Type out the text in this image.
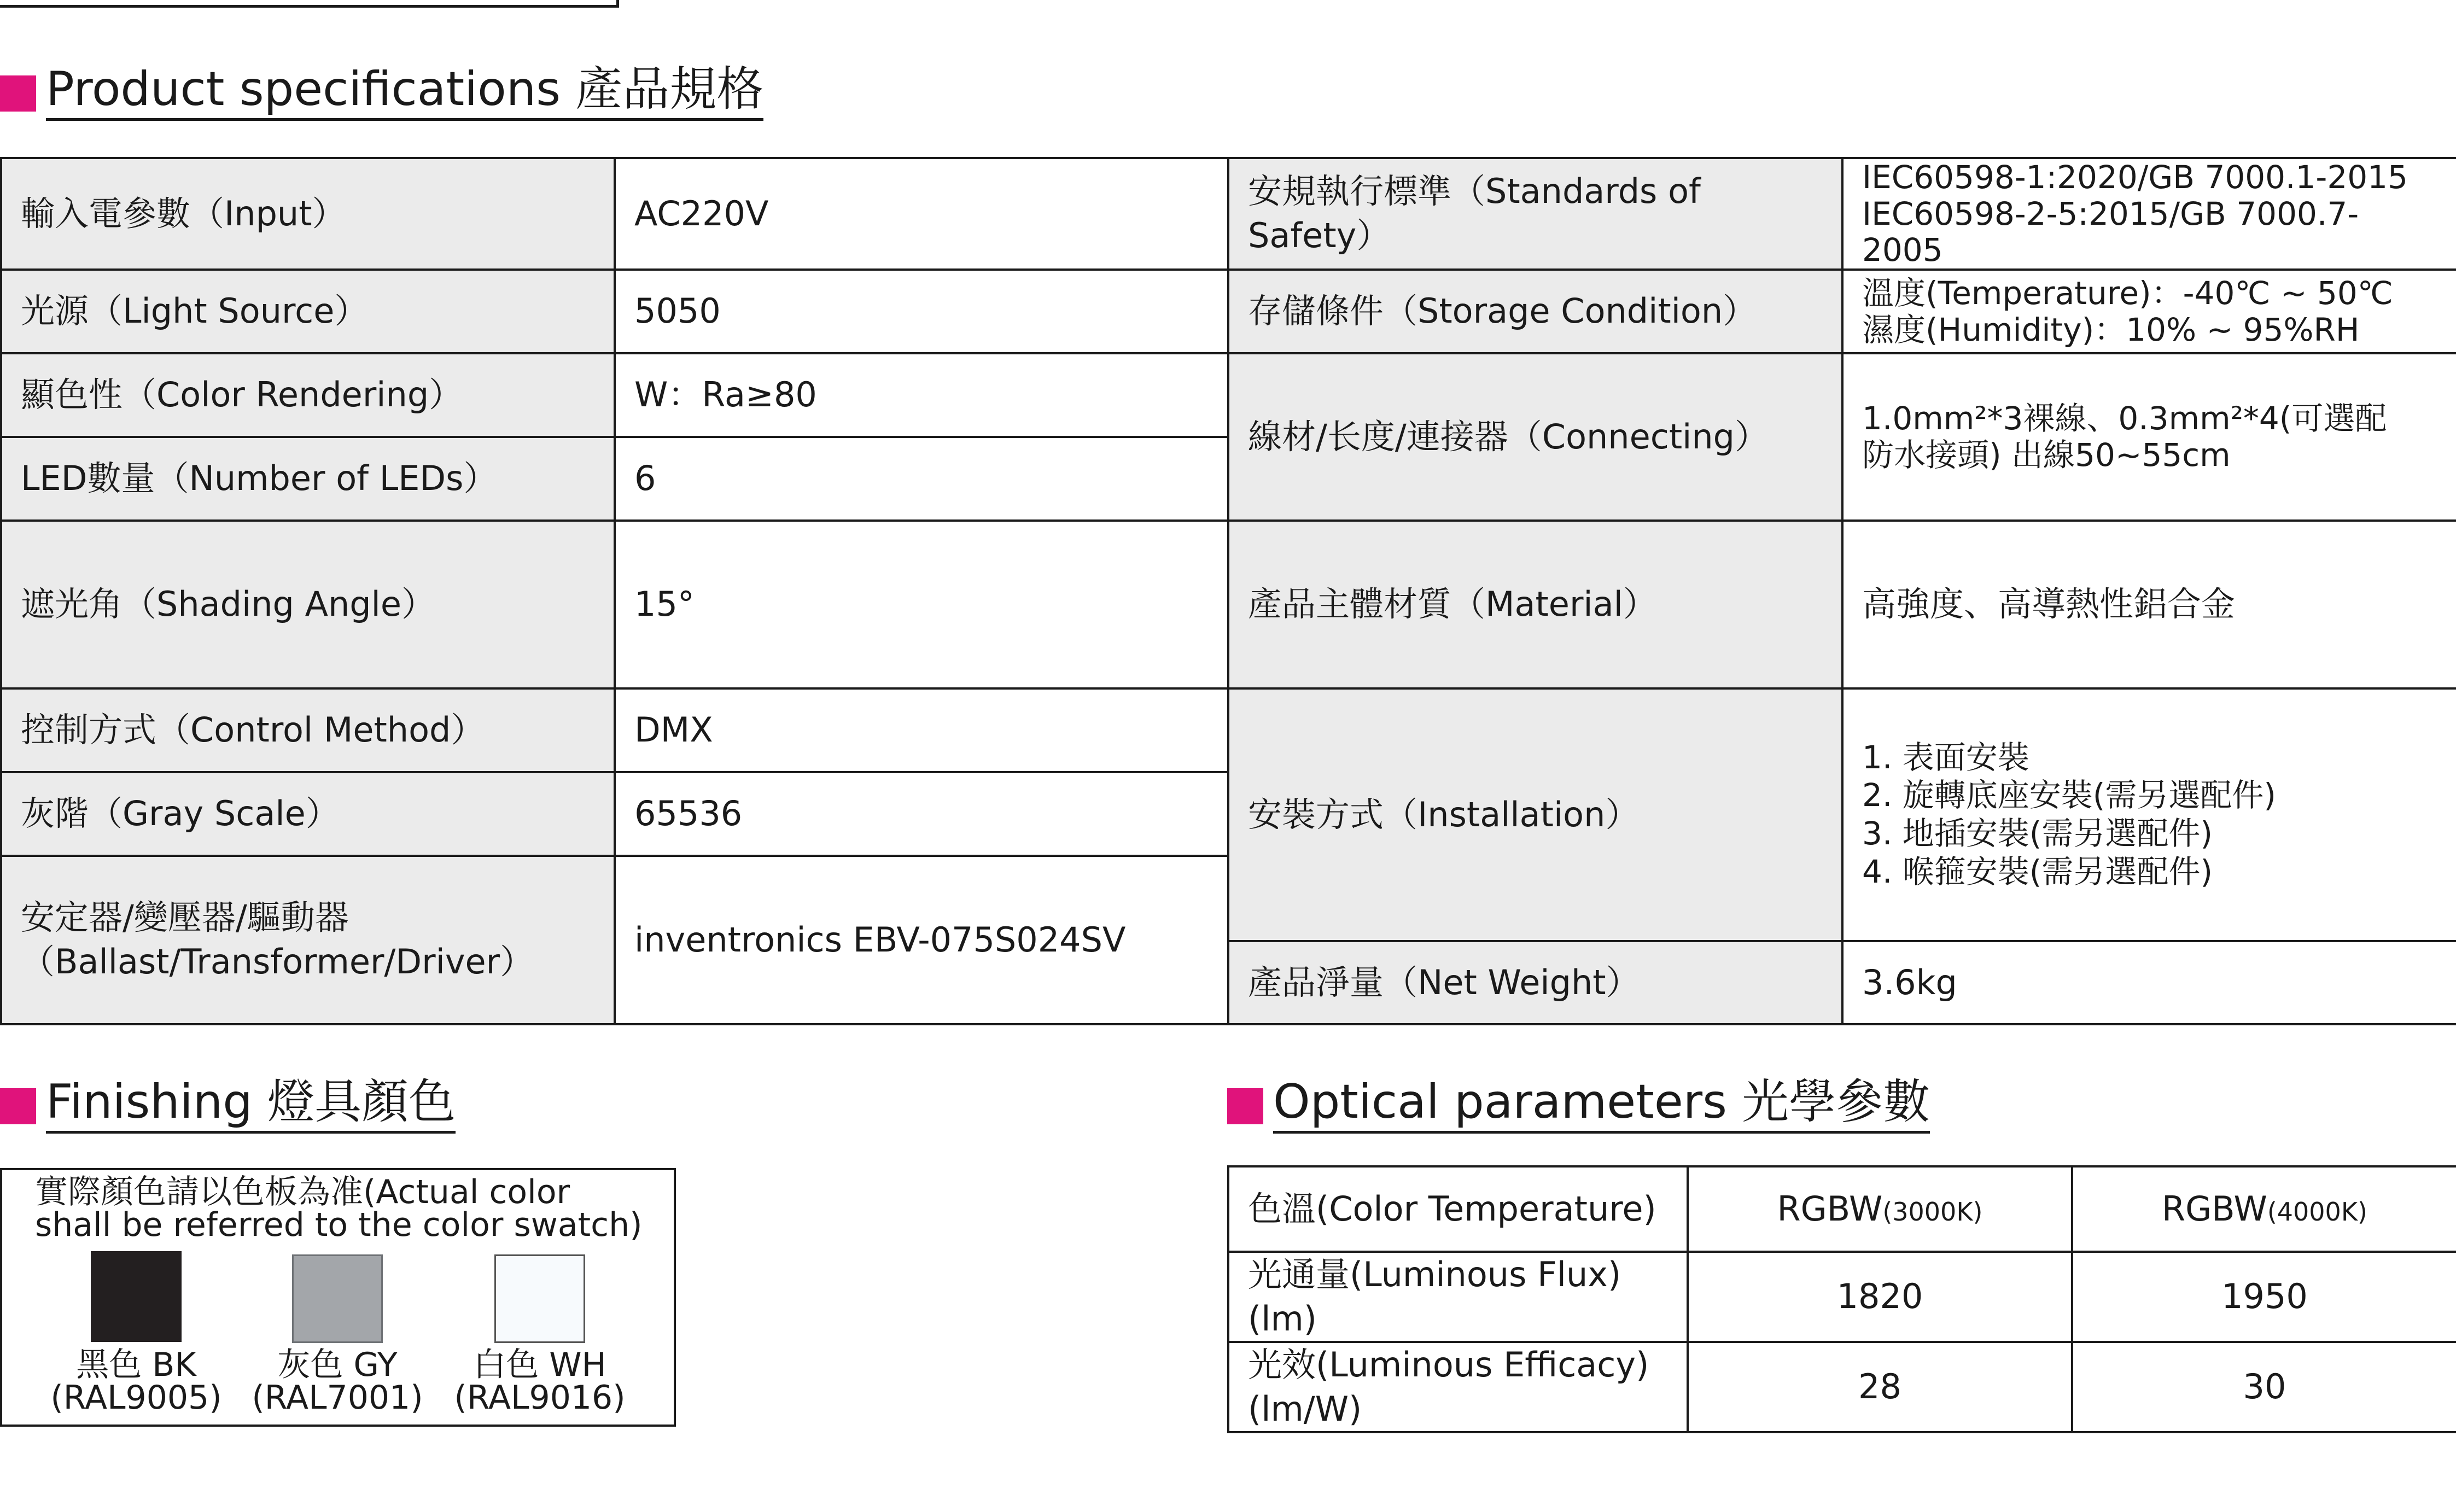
Product specifications 產品規格
輸入電參數（Input）	AC220V	安規執行標準（Standards of Safety）	IEC60598-1:2020/GB 7000.1-2015
IEC60598-2-5:2015/GB 7000.7-2005

光源（Light Source）	5050	存儲條件（Storage Condition）	溫度(Temperature)：-40℃ ~ 50℃
濕度(Humidity)：10% ~ 95%RH

顯色性（Color Rendering）	W：Ra≥80	線材/长度/連接器（Connecting）	1.0mm²*3裸線、0.3mm²*4(可選配
防水接頭) 出線50~55cm

LED數量（Number of LEDs）	6		
遮光角（Shading Angle）	15°	產品主體材質（Material）	高強度、高導熱性鋁合金
控制方式（Control Method）	DMX	安裝方式（Installation）	1. 表面安裝
2. 旋轉底座安裝(需另選配件)
3. 地插安裝(需另選配件)
4. 喉箍安裝(需另選配件)

灰階（Gray Scale）	65536		

安定器/變壓器/驅動器
（Ballast/Transformer/Driver）	inventronics EBV-075S024SV		
		產品淨量（Net Weight）	3.6kg
Finishing 燈具顏色
實際顏色請以色板為准(Actual color shall be referred to the color swatch)
黑色 BK
(RAL9005)
灰色 GY
(RAL7001)
白色 WH
(RAL9016)
Optical parameters 光學參數
色溫(Color Temperature)	RGBW(3000K)	RGBW(4000K)
光通量(Luminous Flux)(lm)	1820	1950
光效(Luminous Efficacy)(lm/W)	28	30
